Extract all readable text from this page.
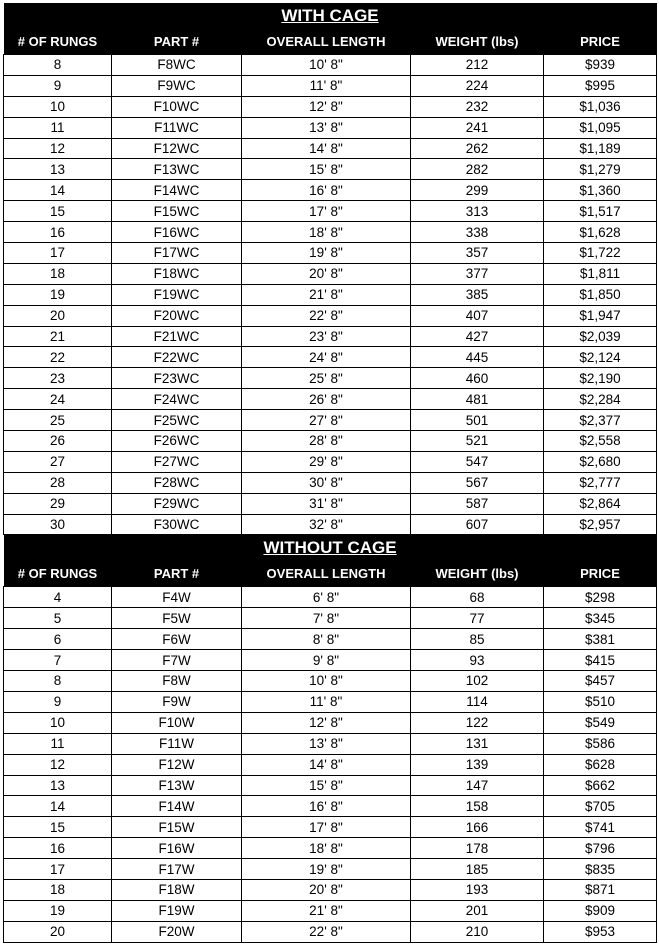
WITH CAGE				
# OF RUNGS	PART #	OVERALL LENGTH	WEIGHT (lbs)	PRICE
8	F8WC	10' 8"	212	$939
9	F9WC	11' 8"	224	$995
10	F10WC	12' 8"	232	$1,036
11	F11WC	13' 8"	241	$1,095
12	F12WC	14' 8"	262	$1,189
13	F13WC	15' 8"	282	$1,279
14	F14WC	16' 8"	299	$1,360
15	F15WC	17' 8"	313	$1,517
16	F16WC	18' 8"	338	$1,628
17	F17WC	19' 8"	357	$1,722
18	F18WC	20' 8"	377	$1,811
19	F19WC	21' 8"	385	$1,850
20	F20WC	22' 8"	407	$1,947
21	F21WC	23' 8"	427	$2,039
22	F22WC	24' 8"	445	$2,124
23	F23WC	25' 8"	460	$2,190
24	F24WC	26' 8"	481	$2,284
25	F25WC	27' 8"	501	$2,377
26	F26WC	28' 8"	521	$2,558
27	F27WC	29' 8"	547	$2,680
28	F28WC	30' 8"	567	$2,777
29	F29WC	31' 8"	587	$2,864
30	F30WC	32' 8"	607	$2,957
WITHOUT CAGE				
# OF RUNGS	PART #	OVERALL LENGTH	WEIGHT (lbs)	PRICE
4	F4W	6' 8"	68	$298
5	F5W	7' 8"	77	$345
6	F6W	8' 8"	85	$381
7	F7W	9' 8"	93	$415
8	F8W	10' 8"	102	$457
9	F9W	11' 8"	114	$510
10	F10W	12' 8"	122	$549
11	F11W	13' 8"	131	$586
12	F12W	14' 8"	139	$628
13	F13W	15' 8"	147	$662
14	F14W	16' 8"	158	$705
15	F15W	17' 8"	166	$741
16	F16W	18' 8"	178	$796
17	F17W	19' 8"	185	$835
18	F18W	20' 8"	193	$871
19	F19W	21' 8"	201	$909
20	F20W	22' 8"	210	$953
